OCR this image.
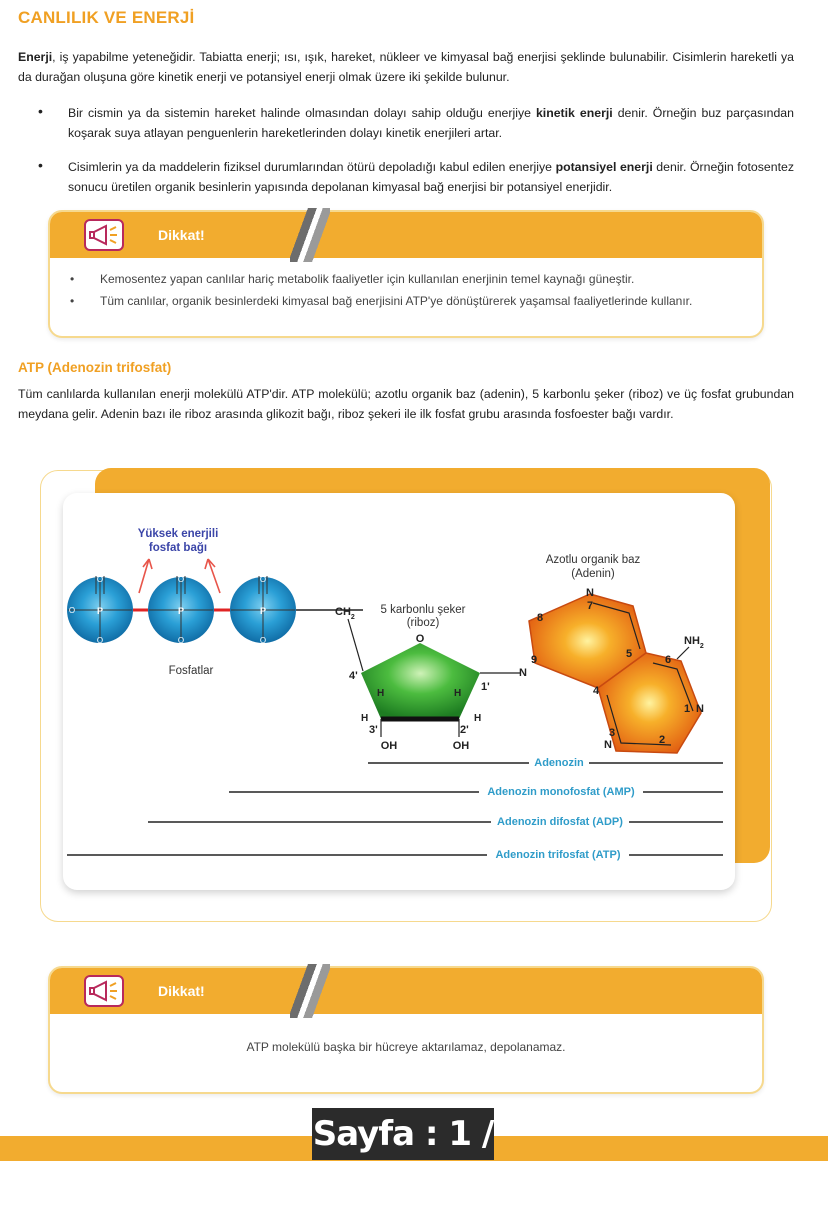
CANLILIK VE ENERJİ
Enerji, iş yapabilme yeteneğidir. Tabiatta enerji; ısı, ışık, hareket, nükleer ve kimyasal bağ enerjisi şeklinde bulunabilir. Cisimlerin hareketli ya da durağan oluşuna göre kinetik enerji ve potansiyel enerji olmak üzere iki şekilde bulunur.
• Bir cismin ya da sistemin hareket halinde olmasından dolayı sahip olduğu enerjiye kinetik enerji denir. Örneğin buz parçasından koşarak suya atlayan penguenlerin hareketlerinden dolayı kinetik enerjileri artar.
• Cisimlerin ya da maddelerin fiziksel durumlarından ötürü depoladığı kabul edilen enerjiye potansiyel enerji denir. Örneğin fotosentez sonucu üretilen organik besinlerin yapısında depolanan kimyasal bağ enerjisi bir potansiyel enerjidir.
Dikkat!
• Kemosentez yapan canlılar hariç metabolik faaliyetler için kullanılan enerjinin temel kaynağı güneştir.
• Tüm canlılar, organik besinlerdeki kimyasal bağ enerjisini ATP'ye dönüştürerek yaşamsal faaliyetlerinde kullanır.
ATP (Adenozin trifosfat)
Tüm canlılarda kullanılan enerji molekülü ATP'dir. ATP molekülü; azotlu organik baz (adenin), 5 karbonlu şeker (riboz) ve üç fosfat grubundan meydana gelir. Adenin bazı ile riboz arasında glikozit bağı, riboz şekeri ile ilk fosfat grubu arasında fosfoester bağı vardır.
Yüksek enerjili
fosfat bağı
P
O
O
O	P
O
O
P
O
O
Fosfatlar
$CH_2$
5 karbonlu şeker
(riboz)
O
4'
1'
3'	2'
H	H
H	H
OH	OH
Azotlu organik baz
(Adenin)
N
N
N
N
9
7
8
5	6
4
3
2
1
$NH_2$
Adenozin
Adenozin monofosfat (AMP)
Adenozin difosfat (ADP)
Adenozin trifosfat (ATP)
Dikkat!
ATP molekülü başka bir hücreye aktarılamaz, depolanamaz.
Sayfa : 1 / 2
